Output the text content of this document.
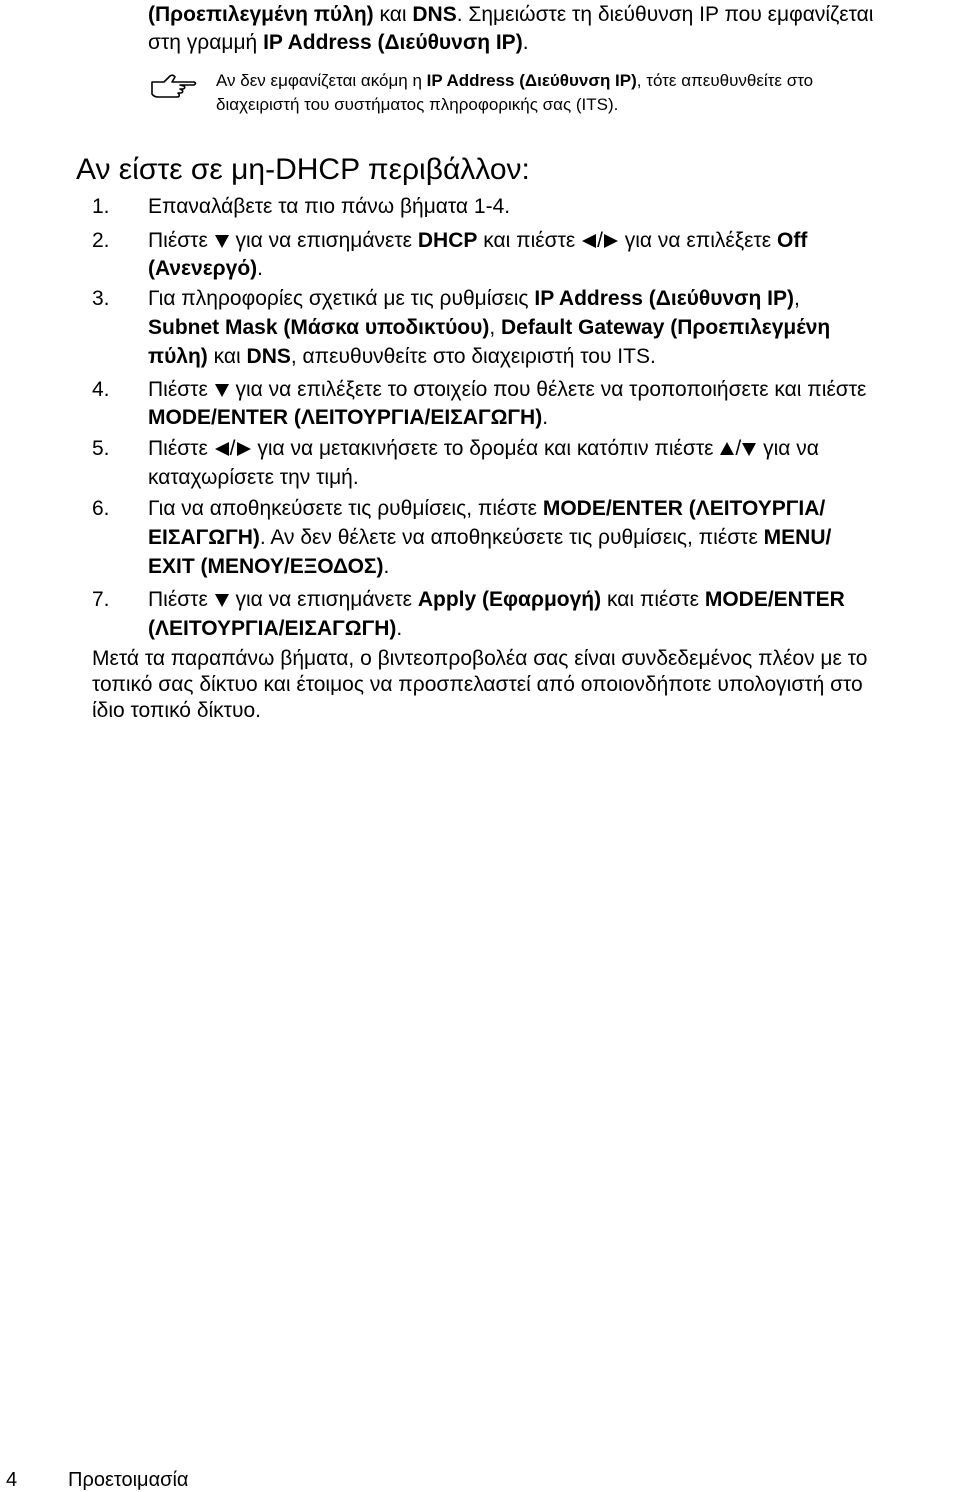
(Προεπιλεγμένη πύλη) και DNS. Σημειώστε τη διεύθυνση IP που εμφανίζεται
στη γραμμή IP Address (Διεύθυνση IP).
Αν δεν εμφανίζεται ακόμη η IP Address (Διεύθυνση IP), τότε απευθυνθείτε στο
διαχειριστή του συστήματος πληροφορικής σας (ITS).
Αν είστε σε μη-DHCP περιβάλλον:
1. Επαναλάβετε τα πιο πάνω βήματα 1-4.
2. Πιέστε  για να επισημάνετε DHCP και πιέστε / για να επιλέξετε Off
(Ανενεργό).
3. Για πληροφορίες σχετικά με τις ρυθμίσεις IP Address (Διεύθυνση IP),
Subnet Mask (Μάσκα υποδικτύου), Default Gateway (Προεπιλεγμένη
πύλη) και DNS, απευθυνθείτε στο διαχειριστή του ITS.
4. Πιέστε  για να επιλέξετε το στοιχείο που θέλετε να τροποποιήσετε και πιέστε
MODE/ENTER (ΛΕΙΤΟΥΡΓΙΑ/ΕΙΣΑΓΩΓΗ).
5. Πιέστε / για να μετακινήσετε το δρομέα και κατόπιν πιέστε / για να
καταχωρίσετε την τιμή.
6. Για να αποθηκεύσετε τις ρυθμίσεις, πιέστε MODE/ENTER (ΛΕΙΤΟΥΡΓΙΑ/
ΕΙΣΑΓΩΓΗ). Αν δεν θέλετε να αποθηκεύσετε τις ρυθμίσεις, πιέστε MENU/
EXIT (ΜΕΝΟΥ/ΕΞΟΔΟΣ).
7. Πιέστε  για να επισημάνετε Apply (Εφαρμογή) και πιέστε MODE/ENTER
(ΛΕΙΤΟΥΡΓΙΑ/ΕΙΣΑΓΩΓΗ).
Μετά τα παραπάνω βήματα, ο βιντεοπροβολέα σας είναι συνδεδεμένος πλέον με το
τοπικό σας δίκτυο και έτοιμος να προσπελαστεί από οποιονδήποτε υπολογιστή στο
ίδιο τοπικό δίκτυο.
4	Προετοιμασία
